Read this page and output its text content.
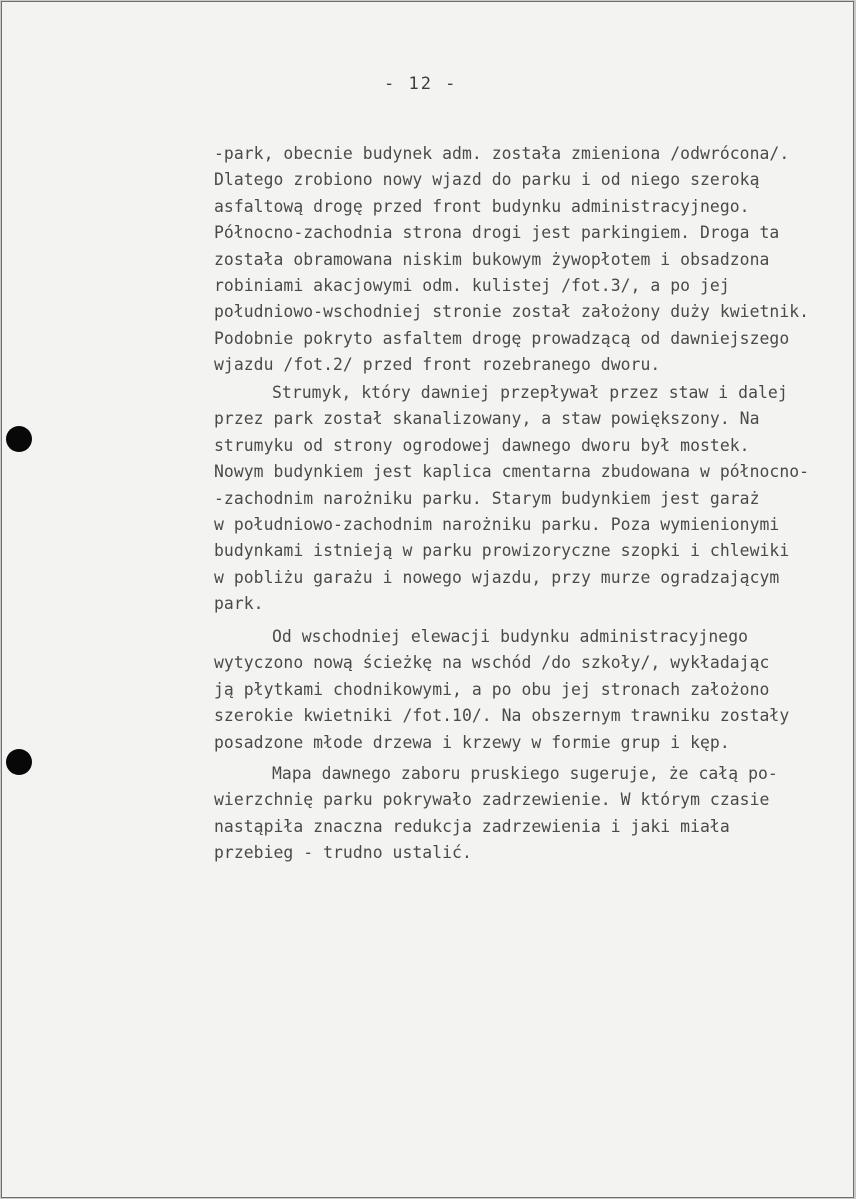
- 12 -
-park, obecnie budynek adm. została zmieniona /odwrócona/.
Dlatego zrobiono nowy wjazd do parku i od niego szeroką
asfaltową drogę przed front budynku administracyjnego.
Północno-zachodnia strona drogi jest parkingiem. Droga ta
została obramowana niskim bukowym żywopłotem i obsadzona
robiniami akacjowymi odm. kulistej /fot.3/, a po jej
południowo-wschodniej stronie został założony duży kwietnik.
Podobnie pokryto asfaltem drogę prowadzącą od dawniejszego
wjazdu /fot.2/ przed front rozebranego dworu.
Strumyk, który dawniej przepływał przez staw i dalej
przez park został skanalizowany, a staw powiększony. Na
strumyku od strony ogrodowej dawnego dworu był mostek.
Nowym budynkiem jest kaplica cmentarna zbudowana w północno-
-zachodnim narożniku parku. Starym budynkiem jest garaż
w południowo-zachodnim narożniku parku. Poza wymienionymi
budynkami istnieją w parku prowizoryczne szopki i chlewiki
w pobliżu garażu i nowego wjazdu, przy murze ogradzającym
park.
Od wschodniej elewacji budynku administracyjnego
wytyczono nową ścieżkę na wschód /do szkoły/, wykładając
ją płytkami chodnikowymi, a po obu jej stronach założono
szerokie kwietniki /fot.10/. Na obszernym trawniku zostały
posadzone młode drzewa i krzewy w formie grup i kęp.
Mapa dawnego zaboru pruskiego sugeruje, że całą po-
wierzchnię parku pokrywało zadrzewienie. W którym czasie
nastąpiła znaczna redukcja zadrzewienia i jaki miała
przebieg - trudno ustalić.
